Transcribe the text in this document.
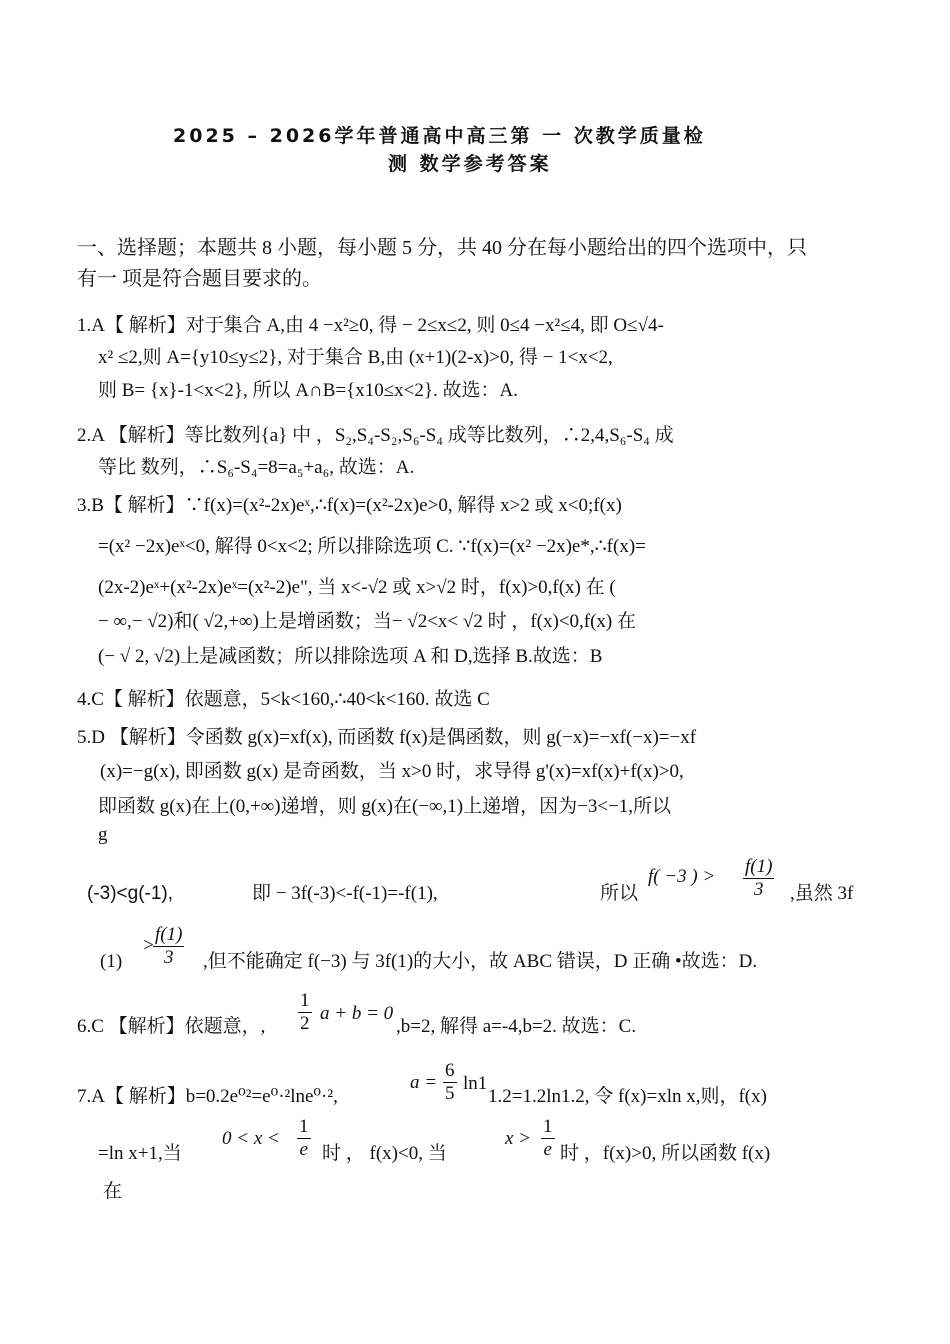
2025 – 2026学年普通高中高三第 一 次教学质量检
测 数学参考答案
一、选择题；本题共 8 小题，每小题 5 分，共 40 分在每小题给出的四个选项中，只
有一 项是符合题目要求的。
1.A【 解析】对于集合 A,由 4 −x²≥0, 得 − 2≤x≤2, 则 0≤4 −x²≤4, 即 O≤√4-
x² ≤2,则 A={y10≤y≤2}, 对于集合 B,由 (x+1)(2-x)>0, 得 − 1<x<2,
则 B= {x}-1<x<2}, 所以 A∩B={x10≤x<2}. 故选：A.
2.A 【解析】等比数列{a} 中 ，S₂,S₄-S₂,S₆-S₄ 成等比数列，∴2,4,S₆-S₄ 成
等比 数列，∴S₆-S₄=8=a₅+a₆, 故选：A.
3.B【 解析】∵f(x)=(x²-2x)eˣ,∴f(x)=(x²-2x)e>0, 解得 x>2 或 x<0;f(x)
=(x² −2x)eˣ<0, 解得 0<x<2; 所以排除选项 C. ∵f(x)=(x² −2x)e*,∴f(x)=
(2x-2)eˣ+(x²-2x)eˣ=(x²-2)e", 当 x<-√2 或 x>√2 时，f(x)>0,f(x) 在 (
− ∞,− √2)和( √2,+∞)上是增函数；当− √2<x< √2 时 ，f(x)<0,f(x) 在
(− √ 2, √2)上是减函数；所以排除选项 A 和 D,选择 B.故选：B
4.C【 解析】依题意，5<k<160,∴40<k<160. 故选 C
5.D 【解析】令函数 g(x)=xf(x), 而函数 f(x)是偶函数，则 g(−x)=−xf(−x)=−xf
(x)=−g(x), 即函数 g(x) 是奇函数，当 x>0 时，求导得 g'(x)=xf(x)+f(x)>0,
即函数 g(x)在上(0,+∞)递增，则 g(x)在(−∞,1)上递增，因为−3<−1,所以
g
(-3)<g(-1),	即 − 3f(-3)<-f(-1)=-f(1),	所以
f( −3 ) > $\frac{f(1)}{3}$ ,虽然 3f
(1)
>
$\frac{f(1)}{3}$ ,但不能确定 f(−3) 与 3f(1)的大小，故 ABC 错误，D 正确 •故选：D.
6.C 【解析】依题意，, $\frac{1}{2}$ a + b = 0
,b=2, 解得 a=-4,b=2. 故选：C.
7.A【 解析】b=0.2e⁰²=e⁰·²lne⁰·²,
$a = \frac{6}{5} \ln 1$
1.2=1.2ln1.2, 令 f(x)=xln x,则，f(x)
=ln x+1,当
$0 < x < \frac{1}{e}$ 时 ， f(x)<0, 当
$x > \frac{1}{e}$ 时 ，f(x)>0, 所以函数 f(x)
在
